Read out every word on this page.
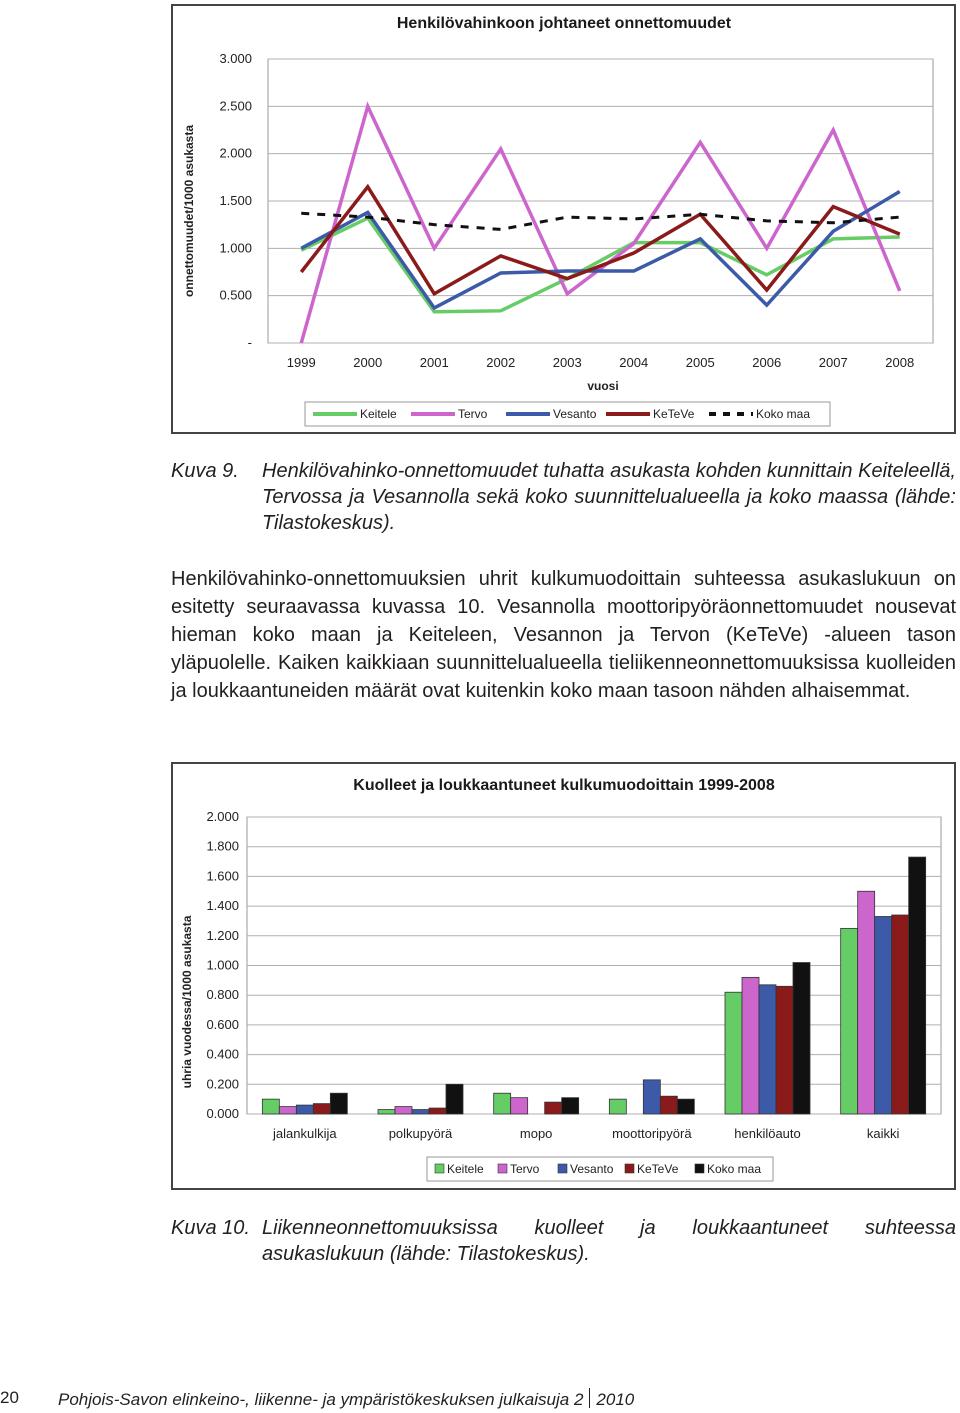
Henkilövahinkoon johtaneet onnettomuudet
-
0.500
1.000
1.500
2.000
2.500
3.000
1999	2000	2001	2002	2003	2004	2005	2006	2007	2008
onnettomuudet/1000 asukasta
vuosi
Keitele	Tervo	Vesanto	KeTeVe	Koko maa

Kuva 9. Henkilövahinko-onnettomuudet tuhatta asukasta kohden kunnittain Keiteleellä, Tervossa ja Vesannolla sekä koko suunnittelualueella ja koko maassa (lähde: Tilastokeskus).

Henkilövahinko-onnettomuuksien uhrit kulkumuodoittain suhteessa asukaslukuun on esitetty seuraavassa kuvassa 10. Vesannolla moottoripyöräonnettomuudet nousevat hieman koko maan ja Keiteleen, Vesannon ja Tervon (KeTeVe) -alueen tason yläpuolelle. Kaiken kaikkiaan suunnittelualueella tieliikenneonnettomuuksissa kuolleiden ja loukkaantuneiden määrät ovat kuitenkin koko maan tasoon nähden alhaisemmat.

Kuolleet ja loukkaantuneet kulkumuodoittain 1999-2008
0.000
0.200
0.400
0.600
0.800
1.000
1.200
1.400
1.600
1.800
2.000
jalankulkija	polkupyörä	mopo	moottoripyörä	henkilöauto	kaikki
uhria vuodessa/1000 asukasta
Keitele Tervo	Vesanto KeTeVe Koko maa

Kuva 10. Liikenneonnettomuuksissa kuolleet ja loukkaantuneet suhteessa asukaslukuun (lähde: Tilastokeskus).

20 Pohjois-Savon elinkeino-, liikenne- ja ympäristökeskuksen julkaisuja 2 2010
